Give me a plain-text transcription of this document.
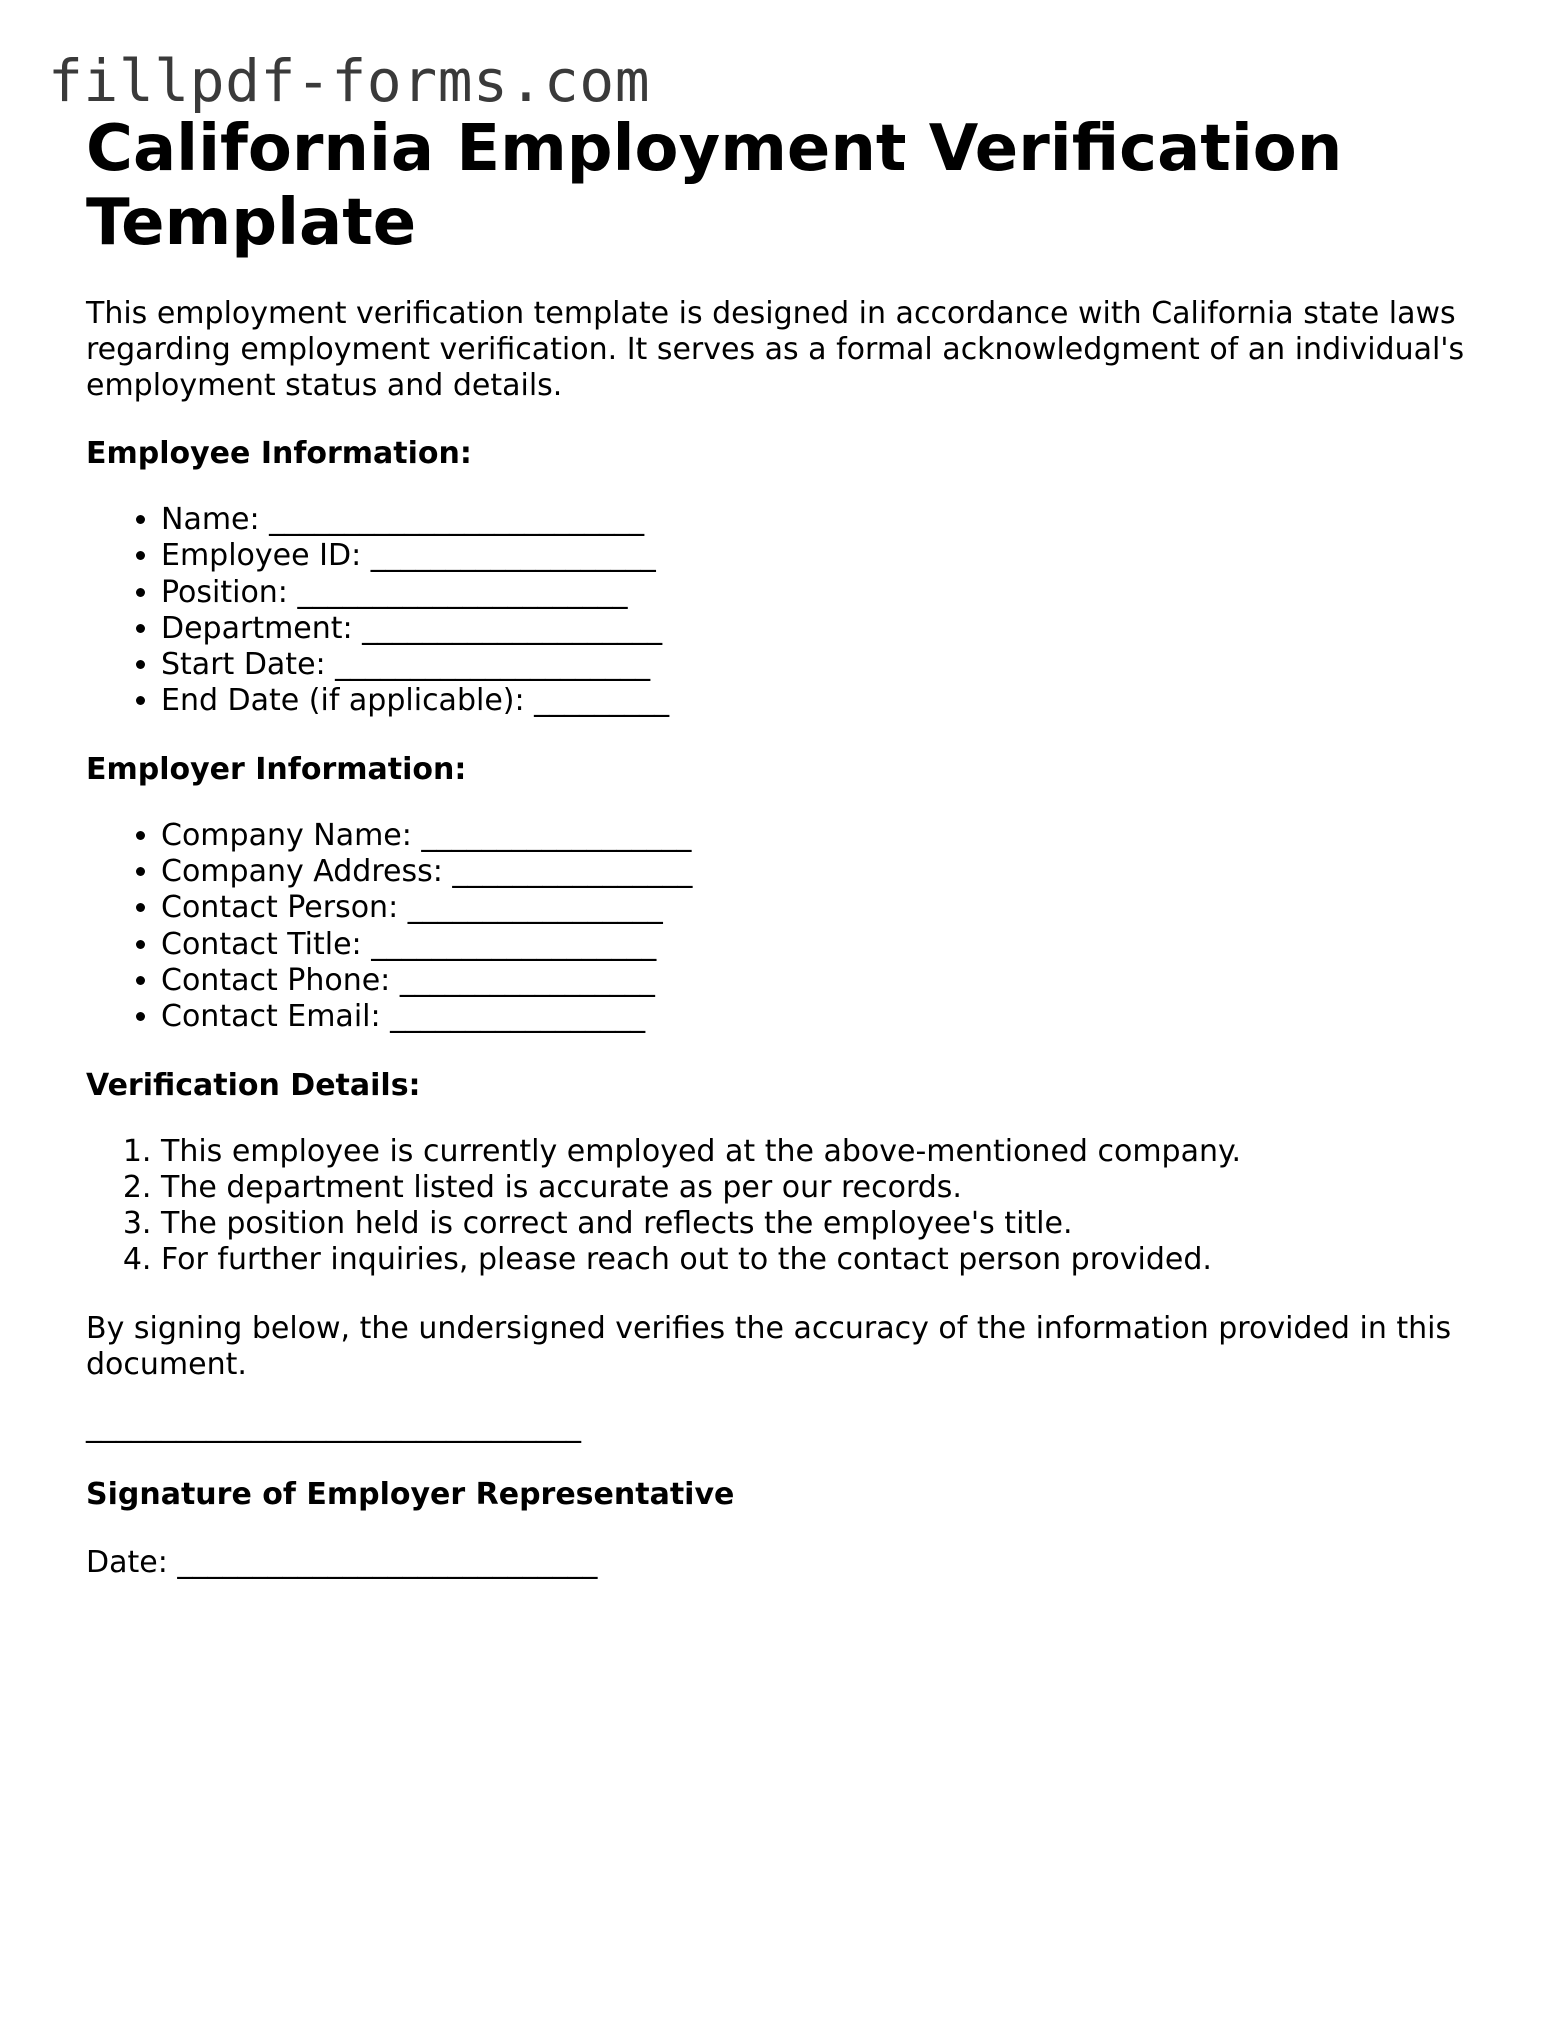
fillpdf-forms.com
California Employment Verification Template

This employment verification template is designed in accordance with California state laws regarding employment verification. It serves as a formal acknowledgment of an individual's employment status and details.

Employee Information:

• Name: _________________________
• Employee ID: ___________________
• Position: ______________________
• Department: ____________________
• Start Date: _____________________
• End Date (if applicable): _________

Employer Information:

• Company Name: __________________
• Company Address: ________________
• Contact Person: _________________
• Contact Title: ___________________
• Contact Phone: _________________
• Contact Email: _________________

Verification Details:

1. This employee is currently employed at the above-mentioned company.
2. The department listed is accurate as per our records.
3. The position held is correct and reflects the employee's title.
4. For further inquiries, please reach out to the contact person provided.

By signing below, the undersigned verifies the accuracy of the information provided in this document.

_________________________________

Signature of Employer Representative

Date: ____________________________
